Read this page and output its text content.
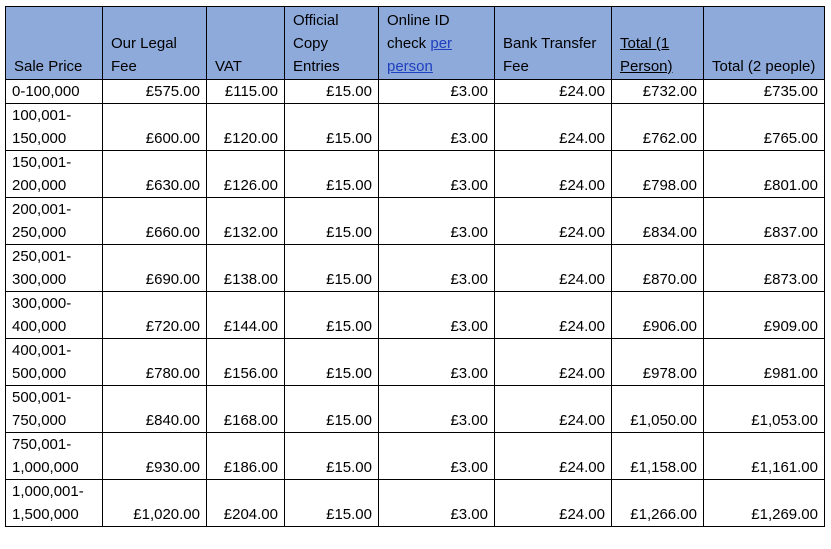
Sale Price	Our Legal Fee	VAT	Official Copy Entries	Online ID check per person	Bank Transfer Fee	Total (1 Person)	Total (2 people)
0-100,000	£575.00	£115.00	£15.00	£3.00	£24.00	£732.00	£735.00
100,001-150,000	£600.00	£120.00	£15.00	£3.00	£24.00	£762.00	£765.00
150,001-200,000	£630.00	£126.00	£15.00	£3.00	£24.00	£798.00	£801.00
200,001-250,000	£660.00	£132.00	£15.00	£3.00	£24.00	£834.00	£837.00
250,001-300,000	£690.00	£138.00	£15.00	£3.00	£24.00	£870.00	£873.00
300,000-400,000	£720.00	£144.00	£15.00	£3.00	£24.00	£906.00	£909.00
400,001-500,000	£780.00	£156.00	£15.00	£3.00	£24.00	£978.00	£981.00
500,001-750,000	£840.00	£168.00	£15.00	£3.00	£24.00	£1,050.00	£1,053.00
750,001-1,000,000	£930.00	£186.00	£15.00	£3.00	£24.00	£1,158.00	£1,161.00
1,000,001-1,500,000	£1,020.00	£204.00	£15.00	£3.00	£24.00	£1,266.00	£1,269.00
